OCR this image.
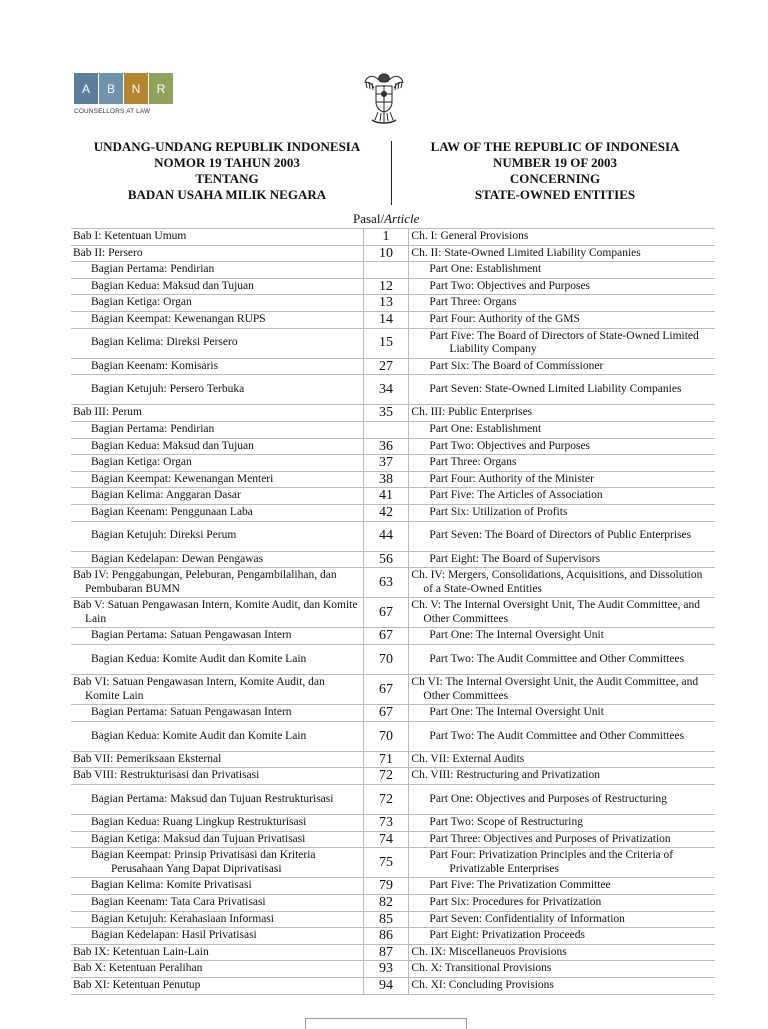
A	B	N	R
COUNSELLORS AT LAW
UNDANG-UNDANG REPUBLIK INDONESIA
NOMOR 19 TAHUN 2003
TENTANG
BADAN USAHA MILIK NEGARA
LAW OF THE REPUBLIC OF INDONESIA
NUMBER 19 OF 2003
CONCERNING
STATE-OWNED ENTITIES
Pasal/Article
Bab I: Ketentuan Umum	1	Ch. I: General Provisions

Bab II: Persero	10	Ch. II: State-Owned Limited Liability Companies

Bagian Pertama: Pendirian		Part One: Establishment

Bagian Kedua: Maksud dan Tujuan	12	Part Two: Objectives and Purposes

Bagian Ketiga: Organ	13	Part Three: Organs

Bagian Keempat: Kewenangan RUPS	14	Part Four: Authority of the GMS

Bagian Kelima: Direksi Persero	15	Part Five: The Board of Directors of State-Owned Limited Liability Company

Bagian Keenam: Komisaris	27	Part Six: The Board of Commissioner

Bagian Ketujuh: Persero Terbuka	34	Part Seven: State-Owned Limited Liability Companies

Bab III: Perum	35	Ch. III: Public Enterprises

Bagian Pertama: Pendirian		Part One: Establishment

Bagian Kedua: Maksud dan Tujuan	36	Part Two: Objectives and Purposes

Bagian Ketiga: Organ	37	Part Three: Organs

Bagian Keempat: Kewenangan Menteri	38	Part Four: Authority of the Minister

Bagian Kelima: Anggaran Dasar	41	Part Five: The Articles of Association

Bagian Keenam: Penggunaan Laba	42	Part Six: Utilization of Profits

Bagian Ketujuh: Direksi Perum	44	Part Seven: The Board of Directors of Public Enterprises

Bagian Kedelapan: Dewan Pengawas	56	Part Eight: The Board of Supervisors

Bab IV: Penggabungan, Peleburan, Pengambilalihan, dan Pembubaran BUMN	63	Ch. IV: Mergers, Consolidations, Acquisitions, and Dissolution of a State-Owned Entities

Bab V: Satuan Pengawasan Intern, Komite Audit, dan Komite Lain	67	Ch. V: The Internal Oversight Unit, The Audit Committee, and Other Committees

Bagian Pertama: Satuan Pengawasan Intern	67	Part One: The Internal Oversight Unit

Bagian Kedua: Komite Audit dan Komite Lain	70	Part Two: The Audit Committee and Other Committees

Bab VI: Satuan Pengawasan Intern, Komite Audit, dan Komite Lain	67	Ch VI: The Internal Oversight Unit, the Audit Committee, and Other Committees

Bagian Pertama: Satuan Pengawasan Intern	67	Part One: The Internal Oversight Unit

Bagian Kedua: Komite Audit dan Komite Lain	70	Part Two: The Audit Committee and Other Committees

Bab VII: Pemeriksaan Eksternal	71	Ch. VII: External Audits

Bab VIII: Restrukturisasi dan Privatisasi	72	Ch. VIII: Restructuring and Privatization

Bagian Pertama: Maksud dan Tujuan Restrukturisasi	72	Part One: Objectives and Purposes of Restructuring

Bagian Kedua: Ruang Lingkup Restrukturisasi	73	Part Two: Scope of Restructuring

Bagian Ketiga: Maksud dan Tujuan Privatisasi	74	Part Three: Objectives and Purposes of Privatization

Bagian Keempat: Prinsip Privatisasi dan Kriteria Perusahaan Yang Dapat Diprivatisasi	75	Part Four: Privatization Principles and the Criteria of Privatizable Enterprises

Bagian Kelima: Komite Privatisasi	79	Part Five: The Privatization Committee

Bagian Keenam: Tata Cara Privatisasi	82	Part Six: Procedures for Privatization

Bagian Ketujuh: Kerahasiaan Informasi	85	Part Seven: Confidentiality of Information

Bagian Kedelapan: Hasil Privatisasi	86	Part Eight: Privatization Proceeds

Bab IX: Ketentuan Lain-Lain	87	Ch. IX: Miscellaneuos Provisions

Bab X: Ketentuan Peralihan	93	Ch. X: Transitional Provisions

Bab XI: Ketentuan Penutup	94	Ch. XI: Concluding Provisions
